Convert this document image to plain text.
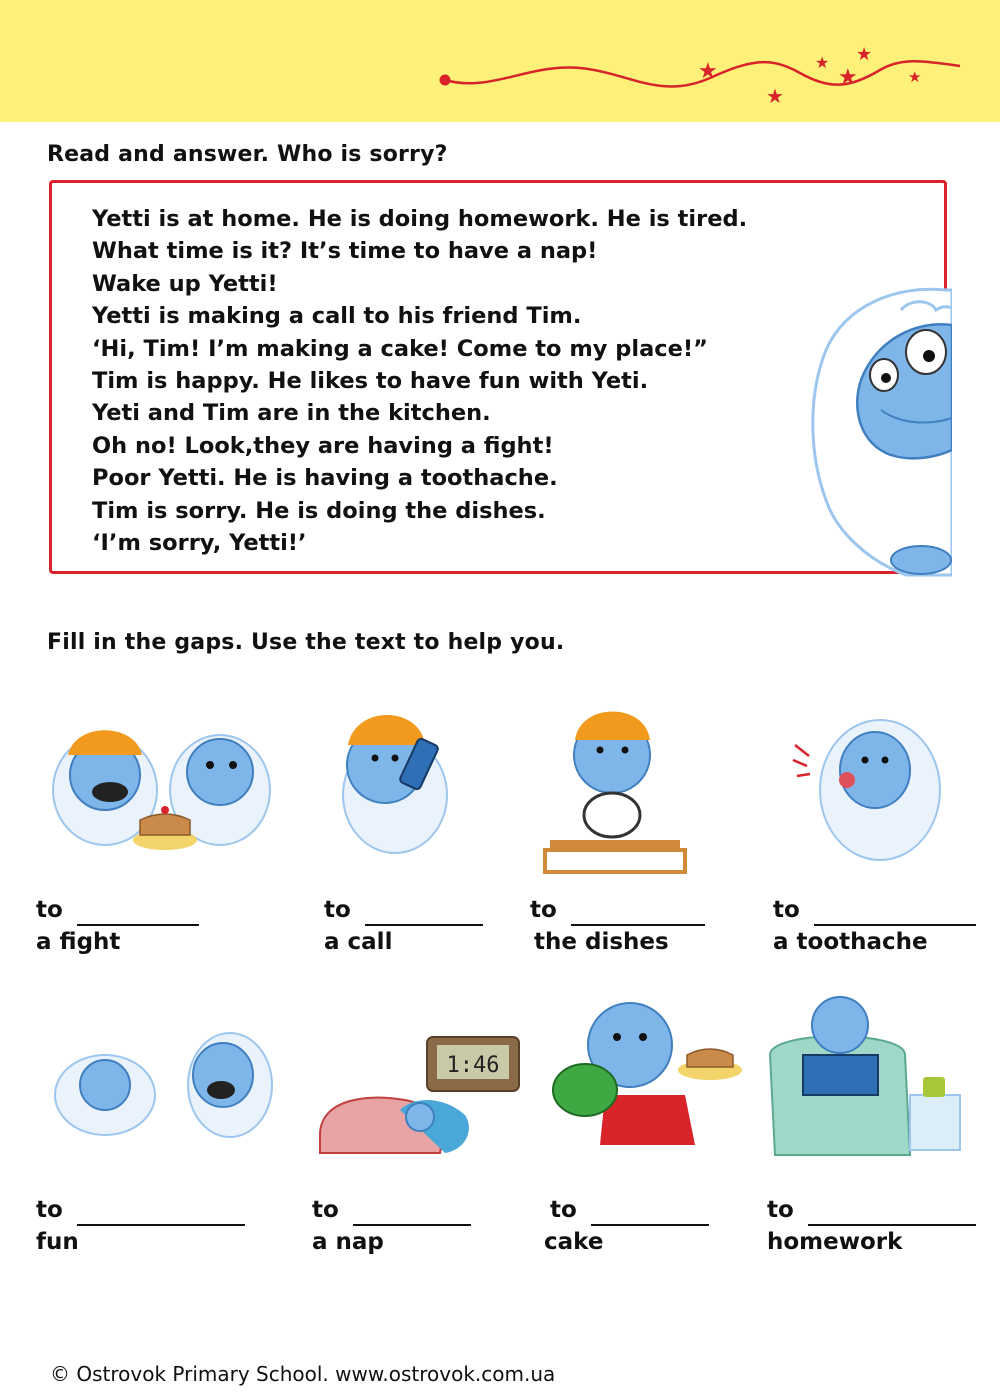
★
★
★
★
★
★
Read and answer. Who is sorry?
Yetti is at home. He is doing homework. He is tired.
What time is it? It’s time to have a nap!
Wake up Yetti!
Yetti is making a call to his friend Tim.
‘Hi, Tim! I’m making a cake! Come to my place!”
Tim is happy. He likes to have fun with Yeti.
Yeti and Tim are in the kitchen.
Oh no! Look,they are having a fight!
Poor Yetti. He is having a toothache.
Tim is sorry. He is doing the dishes.
‘I’m sorry, Yetti!’
Fill in the gaps. Use the text to help you.
to
a fight
to
a call
to
the dishes
to
a toothache
1:46
to
fun
to
a nap
to
cake
to
homework
© Ostrovok Primary School. www.ostrovok.com.ua
